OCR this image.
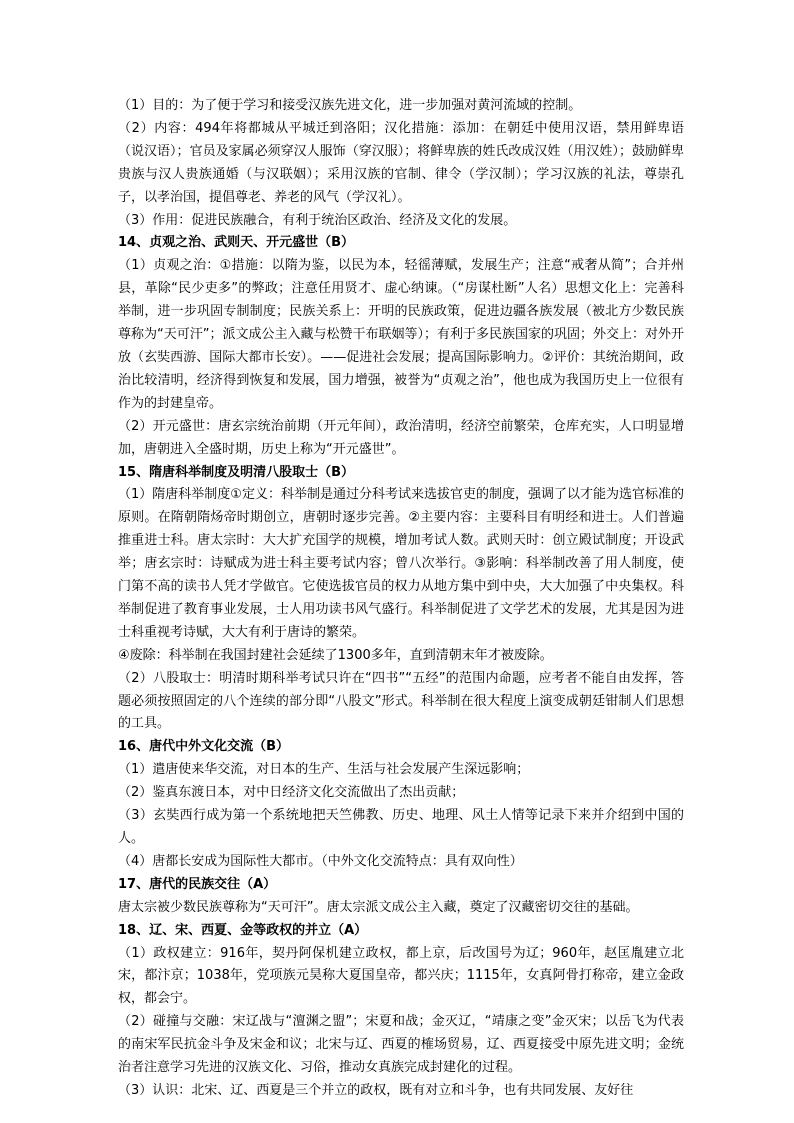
（1）目的：为了便于学习和接受汉族先进文化，进一步加强对黄河流域的控制。

（2）内容：494年将都城从平城迁到洛阳；汉化措施：添加：在朝廷中使用汉语，禁用鲜卑语（说汉语）；官员及家属必须穿汉人服饰（穿汉服）；将鲜卑族的姓氏改成汉姓（用汉姓）；鼓励鲜卑贵族与汉人贵族通婚（与汉联姻）；采用汉族的官制、律令（学汉制）；学习汉族的礼法，尊崇孔子，以孝治国，提倡尊老、养老的风气（学汉礼）。

（3）作用：促进民族融合，有利于统治区政治、经济及文化的发展。

14、贞观之治、武则天、开元盛世（B）

（1）贞观之治：①措施：以隋为鉴，以民为本，轻徭薄赋，发展生产；注意“戒奢从简”；合并州县，革除“民少吏多”的弊政；注意任用贤才、虚心纳谏。（“房谋杜断”人名）思想文化上：完善科举制，进一步巩固专制制度；民族关系上：开明的民族政策，促进边疆各族发展（被北方少数民族尊称为“天可汗”；派文成公主入藏与松赞干布联姻等）；有利于多民族国家的巩固；外交上：对外开放（玄奘西游、国际大都市长安）。——促进社会发展；提高国际影响力。②评价：其统治期间，政治比较清明，经济得到恢复和发展，国力增强，被誉为“贞观之治”，他也成为我国历史上一位很有作为的封建皇帝。

（2）开元盛世：唐玄宗统治前期（开元年间），政治清明，经济空前繁荣，仓库充实，人口明显增加，唐朝进入全盛时期，历史上称为“开元盛世”。

15、隋唐科举制度及明清八股取士（B）

（1）隋唐科举制度①定义：科举制是通过分科考试来选拔官吏的制度，强调了以才能为选官标准的原则。在隋朝隋炀帝时期创立，唐朝时逐步完善。②主要内容：主要科目有明经和进士。人们普遍推重进士科。唐太宗时：大大扩充国学的规模，增加考试人数。武则天时：创立殿试制度；开设武举；唐玄宗时：诗赋成为进士科主要考试内容；曾八次举行。③影响：科举制改善了用人制度，使门第不高的读书人凭才学做官。它使选拔官员的权力从地方集中到中央，大大加强了中央集权。科举制促进了教育事业发展，士人用功读书风气盛行。科举制促进了文学艺术的发展，尤其是因为进士科重视考诗赋，大大有利于唐诗的繁荣。

④废除：科举制在我国封建社会延续了1300多年，直到清朝末年才被废除。

（2）八股取士：明清时期科举考试只许在“四书”“五经”的范围内命题，应考者不能自由发挥，答题必须按照固定的八个连续的部分即“八股文”形式。科举制在很大程度上演变成朝廷钳制人们思想的工具。

16、唐代中外文化交流（B）

（1）遣唐使来华交流，对日本的生产、生活与社会发展产生深远影响；

（2）鉴真东渡日本，对中日经济文化交流做出了杰出贡献；

（3）玄奘西行成为第一个系统地把天竺佛教、历史、地理、风土人情等记录下来并介绍到中国的人。

（4）唐都长安成为国际性大都市。（中外文化交流特点：具有双向性）

17、唐代的民族交往（A）

唐太宗被少数民族尊称为“天可汗”。唐太宗派文成公主入藏，奠定了汉藏密切交往的基础。

18、辽、宋、西夏、金等政权的并立（A）

（1）政权建立：916年，契丹阿保机建立政权，都上京，后改国号为辽；960年，赵匡胤建立北宋，都汴京；1038年，党项族元昊称大夏国皇帝，都兴庆；1115年，女真阿骨打称帝，建立金政权，都会宁。

（2）碰撞与交融：宋辽战与“澶渊之盟”；宋夏和战；金灭辽，“靖康之变”金灭宋；以岳飞为代表的南宋军民抗金斗争及宋金和议；北宋与辽、西夏的榷场贸易，辽、西夏接受中原先进文明；金统治者注意学习先进的汉族文化、习俗，推动女真族完成封建化的过程。

（3）认识：北宋、辽、西夏是三个并立的政权，既有对立和斗争，也有共同发展、友好往
